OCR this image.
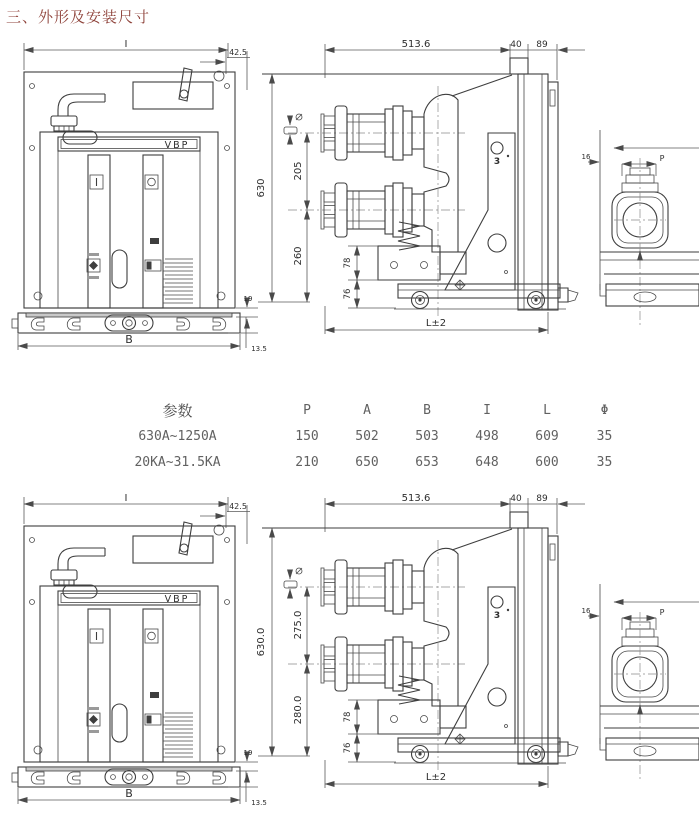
三、外形及安装尺寸
I
42.5
VBP
B
19
13.5
513.6	40 89
630
205
260	78
76
L±2
3	16	P
参数	P	A	B	I	L	Φ
630A~1250A	150	502	503	498	609	35
20KA~31.5KA	210	650	653	648	600	35
I
42.5
VBP
B
19
13.5
513.6	40 89
630.0
275.0
280.0	78
76
L±2
3	16	P
